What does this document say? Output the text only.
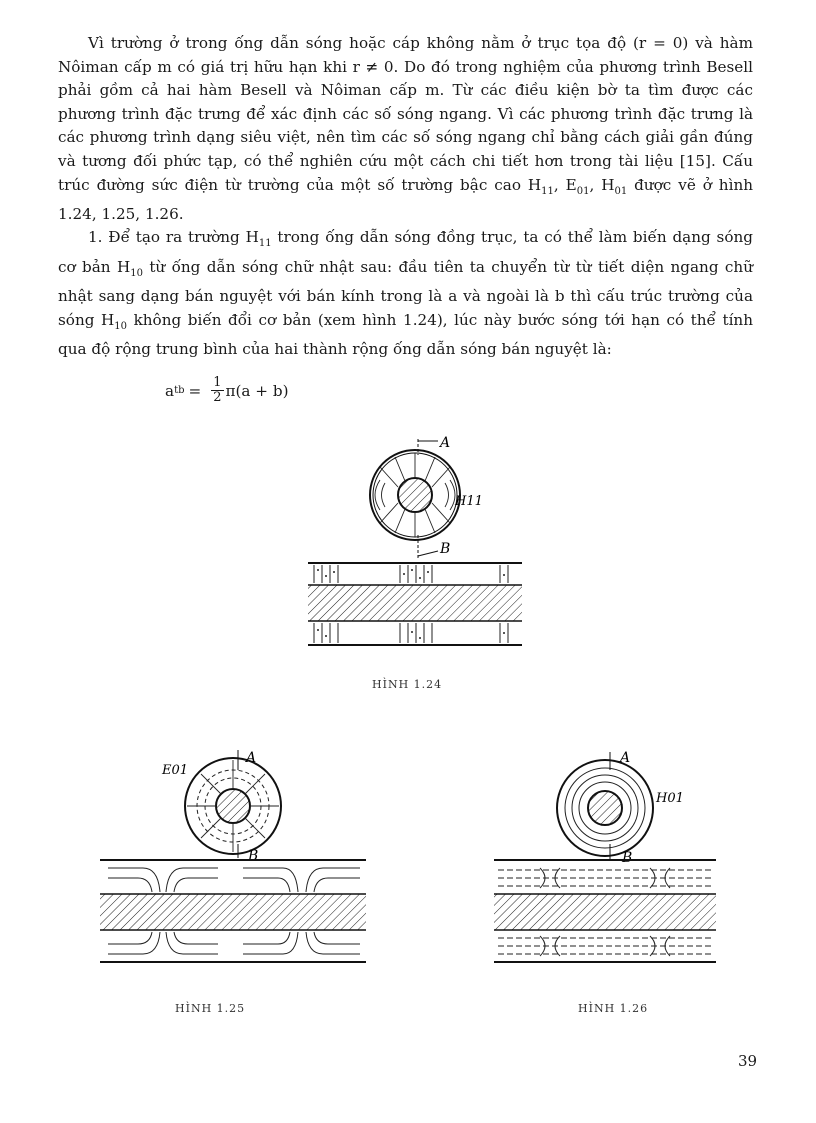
Vì trường ở trong ống dẫn sóng hoặc cáp không nằm ở trục tọa độ (r = 0) và hàm Nôiman cấp m có giá trị hữu hạn khi r ≠ 0. Do đó trong nghiệm của phương trình Besell phải gồm cả hai hàm Besell và Nôiman cấp m. Từ các điều kiện bờ ta tìm được các phương trình đặc trưng để xác định các số sóng ngang. Vì các phương trình đặc trưng là các phương trình dạng siêu việt, nên tìm các số sóng ngang chỉ bằng cách giải gần đúng và tương đối phức tạp, có thể nghiên cứu một cách chi tiết hơn trong tài liệu [15]. Cấu trúc đường sức điện từ trường của một số trường bậc cao $H_{11}$, $E_{01}$, $H_{01}$ được vẽ ở hình 1.24, 1.25, 1.26.

1. Để tạo ra trường $H_{11}$ trong ống dẫn sóng đồng trục, ta có thể làm biến dạng sóng cơ bản $H_{10}$ từ ống dẫn sóng chữ nhật sau: đầu tiên ta chuyển từ từ tiết diện ngang chữ nhật sang dạng bán nguyệt với bán kính trong là a và ngoài là b thì cấu trúc trường của sóng $H_{10}$ không biến đổi cơ bản (xem hình 1.24), lúc này bước sóng tới hạn có thể tính qua độ rộng trung bình của hai thành rộng ống dẫn sóng bán nguyệt là:

a tb = $\frac{1}{2} \pi(a + b)$
A
B
H11
HÌNH 1.24
A
B
E01
HÌNH 1.25
A
B
H01
HÌNH 1.26
39
